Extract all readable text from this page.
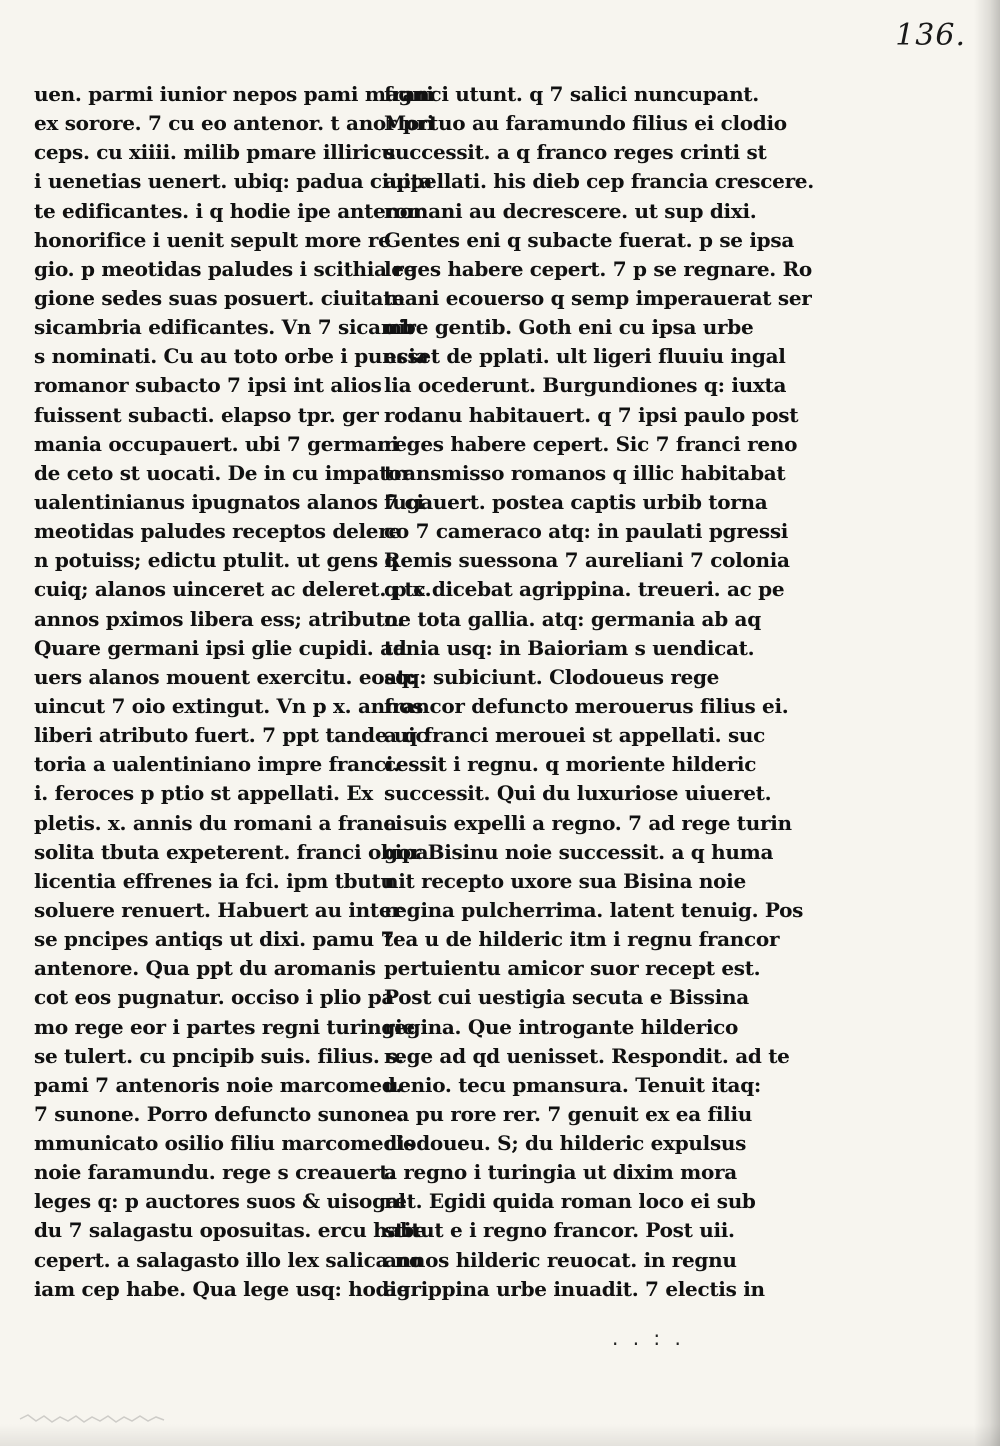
136.
uen. parmi iunior nepos pami magni
ex sorore. 7 cu eo antenor. t anor pri
ceps. cu xiiii. milib pmare illiricu
i uenetias uenert. ubiq: padua ciuita
te edificantes. i q hodie ipe antenor
honorifice i uenit sepult more re
gio. p meotidas paludes i scithia re
gione sedes suas posuert. ciuitate
sicambria edificantes. Vn 7 sicamb
s nominati. Cu au toto orbe i puncia
romanor subacto 7 ipsi int alios
fuissent subacti. elapso tpr. ger
mania occupauert. ubi 7 germani
de ceto st uocati. De in cu impator
ualentinianus ipugnatos alanos 7 ci
meotidas paludes receptos delere
n potuiss; edictu ptulit. ut gens q
cuiq; alanos uinceret ac deleret. p x.
annos pximos libera ess; atributo.
Quare germani ipsi glie cupidi. ad
uers alanos mouent exercitu. eosq:
uincut 7 oio extingut. Vn p x. annos
liberi atributo fuert. 7 ppt tande uic
toria a ualentiniano impre franci.
i. feroces p ptio st appellati. Ex
pletis. x. annis du romani a franci
solita tbuta expeterent. franci obipa
licentia effrenes ia fci. ipm tbutu
soluere renuert. Habuert au inter
se pncipes antiqs ut dixi. pamu 7
antenore. Qua ppt du aromanis
cot eos pugnatur. occiso i plio pa
mo rege eor i partes regni turingie
se tulert. cu pncipib suis. filius. s.
pami 7 antenoris noie marcomed.
7 sunone. Porro defuncto sunone.
mmunicato osilio filiu marcomedis
noie faramundu. rege s creauert.
leges q: p auctores suos & uisogal
du 7 salagastu oposuitas. ercu habe
cepert. a salagasto illo lex salica no
iam cep habe. Qua lege usq: hodie
franci utunt. q 7 salici nuncupant.
Mortuo au faramundo filius ei clodio
successit. a q franco reges crinti st
appellati. his dieb cep francia crescere.
romani au decrescere. ut sup dixi.
Gentes eni q subacte fuerat. p se ipsa
leges habere cepert. 7 p se regnare. Ro
mani ecouerso q semp imperauerat ser
uire gentib. Goth eni cu ipsa urbe
esset de pplati. ult ligeri fluuiu ingal
lia ocederunt. Burgundiones q: iuxta
rodanu habitauert. q 7 ipsi paulo post
reges habere cepert. Sic 7 franci reno
transmisso romanos q illic habitabat
fugauert. postea captis urbib torna
co 7 cameraco atq: in paulati pgressi
Remis suessona 7 aureliani 7 colonia
q tc dicebat agrippina. treueri. ac pe
ne tota gallia. atq: germania ab aq
tania usq: in Baioriam s uendicat.
atq: subiciunt. Clodoueus rege
francor defuncto merouerus filius ei.
a q franci merouei st appellati. suc
cessit i regnu. q moriente hilderic
successit. Qui du luxuriose uiueret.
a suis expelli a regno. 7 ad rege turin
gor Bisinu noie successit. a q huma
nit recepto uxore sua Bisina noie
regina pulcherrima. latent tenuig. Pos
tea u de hilderic itm i regnu francor
pertuientu amicor suor recept est.
Post cui uestigia secuta e Bissina
regina. Que introgante hilderico
rege ad qd uenisset. Respondit. ad te
uenio. tecu pmansura. Tenuit itaq:
ea pu rore rer. 7 genuit ex ea filiu
clodoueu. S; du hilderic expulsus
a regno i turingia ut dixim mora
ret. Egidi quida roman loco ei sub
stitut e i regno francor. Post uii.
annos hilderic reuocat. in regnu
agrippina urbe inuadit. 7 electis in
. . : .
